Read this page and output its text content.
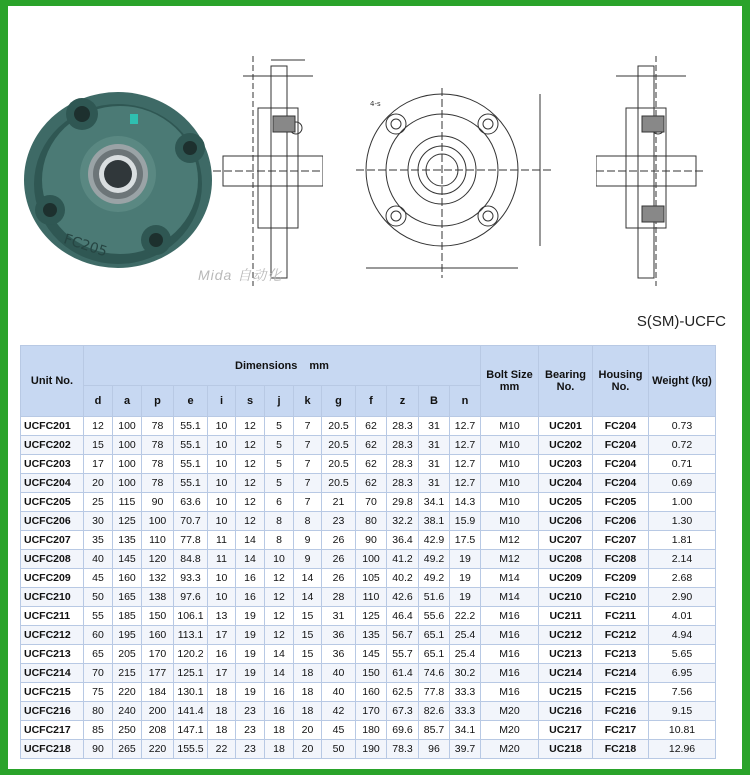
FC205
4-s
Mida 自动化
S(SM)-UCFC
Unit No.	Dimensions mm													Bolt Size mm	Bearing No.	Housing No.	Weight (kg)
	d	a	p	e	i	s	j	k	g	f	z	B	n				
UCFC201	12	100	78	55.1	10	12	5	7	20.5	62	28.3	31	12.7	M10	UC201	FC204	0.73
UCFC202	15	100	78	55.1	10	12	5	7	20.5	62	28.3	31	12.7	M10	UC202	FC204	0.72
UCFC203	17	100	78	55.1	10	12	5	7	20.5	62	28.3	31	12.7	M10	UC203	FC204	0.71
UCFC204	20	100	78	55.1	10	12	5	7	20.5	62	28.3	31	12.7	M10	UC204	FC204	0.69
UCFC205	25	115	90	63.6	10	12	6	7	21	70	29.8	34.1	14.3	M10	UC205	FC205	1.00
UCFC206	30	125	100	70.7	10	12	8	8	23	80	32.2	38.1	15.9	M10	UC206	FC206	1.30
UCFC207	35	135	110	77.8	11	14	8	9	26	90	36.4	42.9	17.5	M12	UC207	FC207	1.81
UCFC208	40	145	120	84.8	11	14	10	9	26	100	41.2	49.2	19	M12	UC208	FC208	2.14
UCFC209	45	160	132	93.3	10	16	12	14	26	105	40.2	49.2	19	M14	UC209	FC209	2.68
UCFC210	50	165	138	97.6	10	16	12	14	28	110	42.6	51.6	19	M14	UC210	FC210	2.90
UCFC211	55	185	150	106.1	13	19	12	15	31	125	46.4	55.6	22.2	M16	UC211	FC211	4.01
UCFC212	60	195	160	113.1	17	19	12	15	36	135	56.7	65.1	25.4	M16	UC212	FC212	4.94
UCFC213	65	205	170	120.2	16	19	14	15	36	145	55.7	65.1	25.4	M16	UC213	FC213	5.65
UCFC214	70	215	177	125.1	17	19	14	18	40	150	61.4	74.6	30.2	M16	UC214	FC214	6.95
UCFC215	75	220	184	130.1	18	19	16	18	40	160	62.5	77.8	33.3	M16	UC215	FC215	7.56
UCFC216	80	240	200	141.4	18	23	16	18	42	170	67.3	82.6	33.3	M20	UC216	FC216	9.15
UCFC217	85	250	208	147.1	18	23	18	20	45	180	69.6	85.7	34.1	M20	UC217	FC217	10.81
UCFC218	90	265	220	155.5	22	23	18	20	50	190	78.3	96	39.7	M20	UC218	FC218	12.96
